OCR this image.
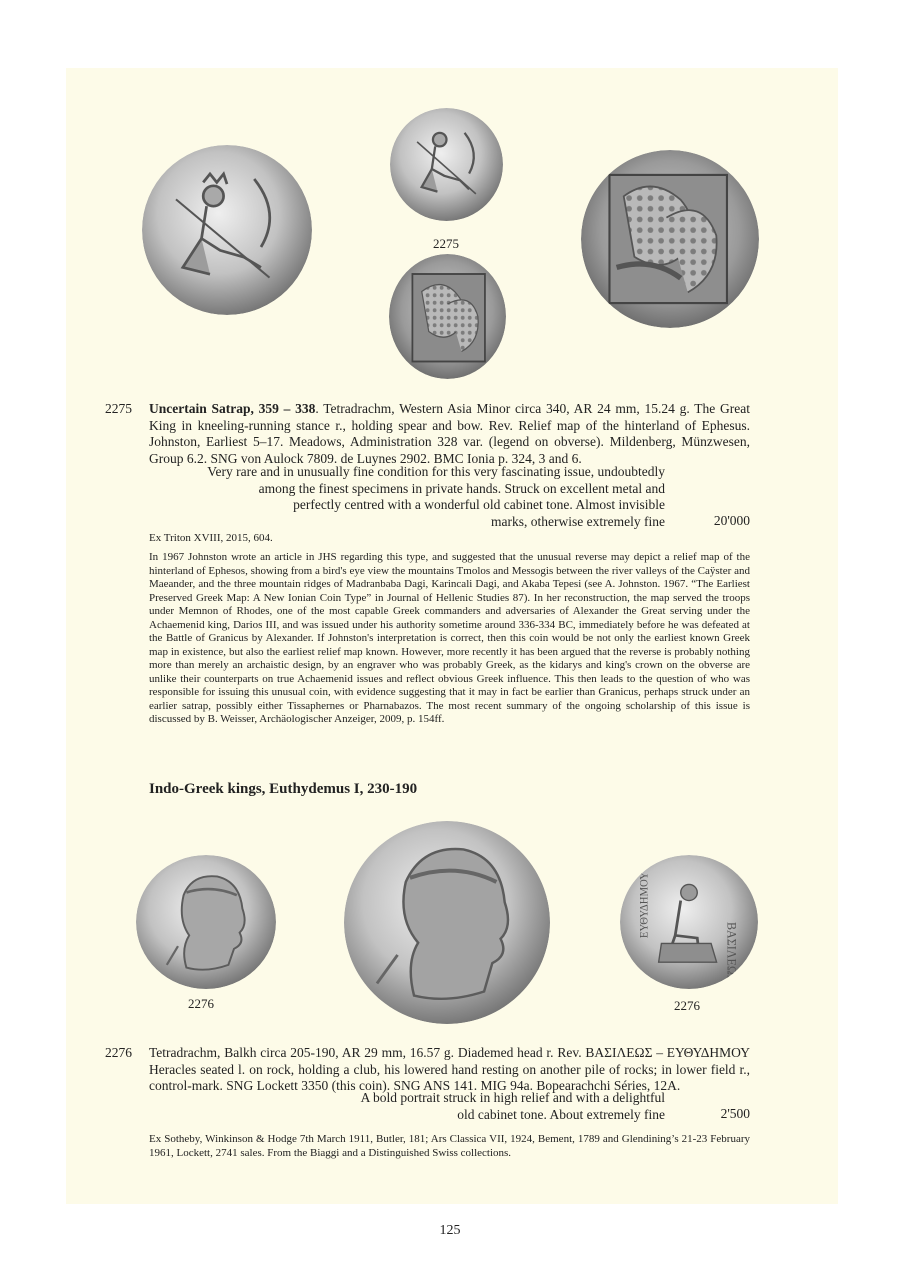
2275
2275 Uncertain Satrap, 359 – 338. Tetradrachm, Western Asia Minor circa 340, AR 24 mm, 15.24 g. The Great King in kneeling-running stance r., holding spear and bow. Rev. Relief map of the hinterland of Ephesus. Johnston, Earliest 5–17. Meadows, Administration 328 var. (legend on obverse). Mildenberg, Münzwesen, Group 6.2. SNG von Aulock 7809. de Luynes 2902. BMC Ionia p. 324, 3 and 6.
Very rare and in unusually fine condition for this very fascinating issue, undoubtedly
among the finest specimens in private hands. Struck on excellent metal and
perfectly centred with a wonderful old cabinet tone. Almost invisible
marks, otherwise extremely fine	20'000
Ex Triton XVIII, 2015, 604.
In 1967 Johnston wrote an article in JHS regarding this type, and suggested that the unusual reverse may depict a relief map of the hinterland of Ephesos, showing from a bird's eye view the mountains Tmolos and Messogis between the river valleys of the Caÿster and Maeander, and the three mountain ridges of Madranbaba Dagi, Karincali Dagi, and Akaba Tepesi (see A. Johnston. 1967. “The Earliest Preserved Greek Map: A New Ionian Coin Type” in Journal of Hellenic Studies 87). In her reconstruction, the map served the troops under Memnon of Rhodes, one of the most capable Greek commanders and adversaries of Alexander the Great serving under the Achaemenid king, Darios III, and was issued under his authority sometime around 336-334 BC, immediately before he was defeated at the Battle of Granicus by Alexander. If Johnston's interpretation is correct, then this coin would be not only the earliest known Greek map in existence, but also the earliest relief map known. However, more recently it has been argued that the reverse is probably nothing more than merely an archaistic design, by an engraver who was probably Greek, as the kidarys and king's crown on the obverse are unlike their counterparts on true Achaemenid issues and reflect obvious Greek influence. This then leads to the question of who was responsible for issuing this unusual coin, with evidence suggesting that it may in fact be earlier than Granicus, perhaps struck under an earlier satrap, possibly either Tissaphernes or Pharnabazos. The most recent summary of the ongoing scholarship of this issue is discussed by B. Weisser, Archäologischer Anzeiger, 2009, p. 154ff.
Indo-Greek kings, Euthydemus I, 230-190
2276
ΒΑΣΙΛΕΩΣ
ΕΥΘΥΔΗΜΟΥ
2276
2276 Tetradrachm, Balkh circa 205-190, AR 29 mm, 16.57 g. Diademed head r. Rev. ΒΑΣΙΛΕΩΣ – ΕΥΘΥΔΗΜΟΥ Heracles seated l. on rock, holding a club, his lowered hand resting on another pile of rocks; in lower field r., control-mark. SNG Lockett 3350 (this coin). SNG ANS 141. MIG 94a. Bopearachchi Séries, 12A.
A bold portrait struck in high relief and with a delightful
old cabinet tone. About extremely fine	2'500
Ex Sotheby, Winkinson & Hodge 7th March 1911, Butler, 181; Ars Classica VII, 1924, Bement, 1789 and Glendining’s 21-23 February 1961, Lockett, 2741 sales. From the Biaggi and a Distinguished Swiss collections.
125
